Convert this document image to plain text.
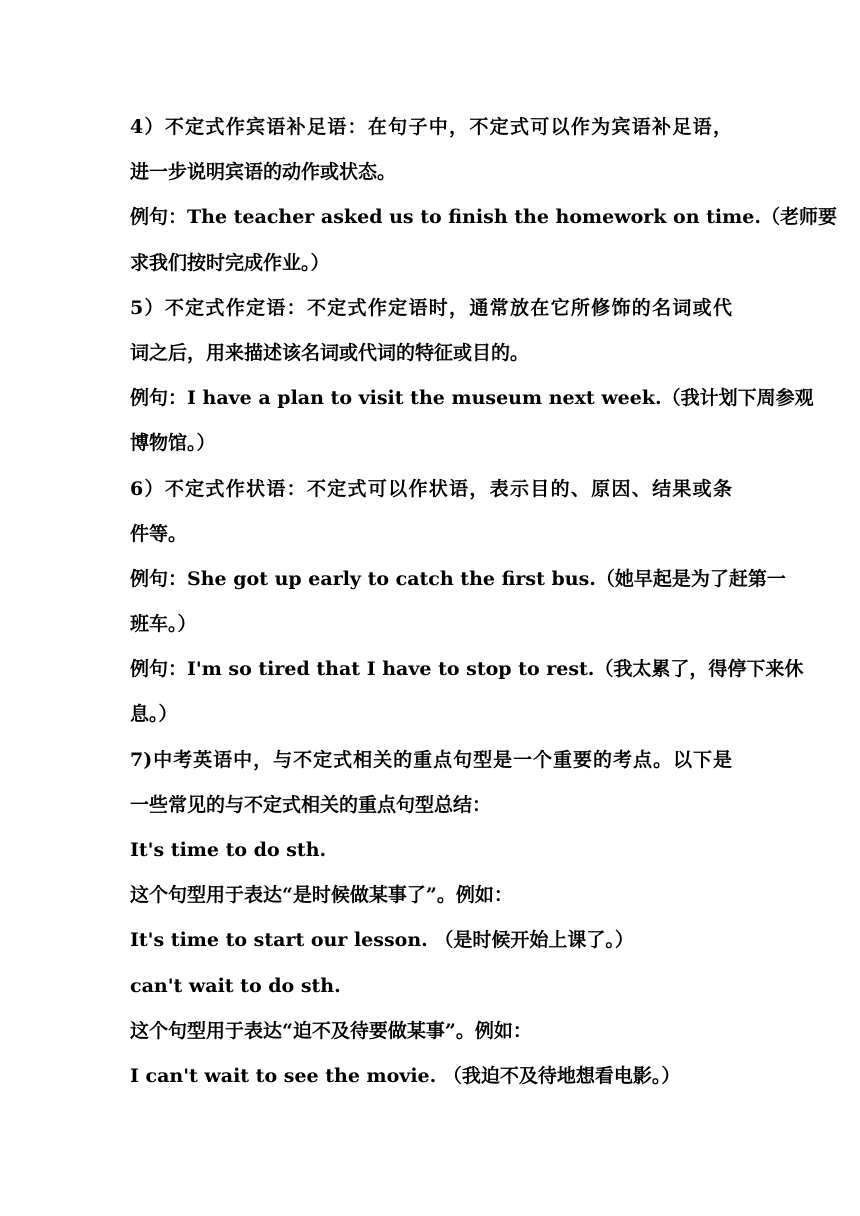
4）不定式作宾语补足语：在句子中，不定式可以作为宾语补足语，
进一步说明宾语的动作或状态。
例句：The teacher asked us to finish the homework on time.（老师要
求我们按时完成作业。）
5）不定式作定语：不定式作定语时，通常放在它所修饰的名词或代
词之后，用来描述该名词或代词的特征或目的。
例句：I have a plan to visit the museum next week.（我计划下周参观
博物馆。）
6）不定式作状语：不定式可以作状语，表示目的、原因、结果或条
件等。
例句：She got up early to catch the first bus.（她早起是为了赶第一
班车。）
例句：I'm so tired that I have to stop to rest.（我太累了，得停下来休
息。）
7)中考英语中，与不定式相关的重点句型是一个重要的考点。以下是
一些常见的与不定式相关的重点句型总结：
It's time to do sth.
这个句型用于表达“是时候做某事了”。例如：
It's time to start our lesson. （是时候开始上课了。）
can't wait to do sth.
这个句型用于表达“迫不及待要做某事”。例如：
I can't wait to see the movie. （我迫不及待地想看电影。）
